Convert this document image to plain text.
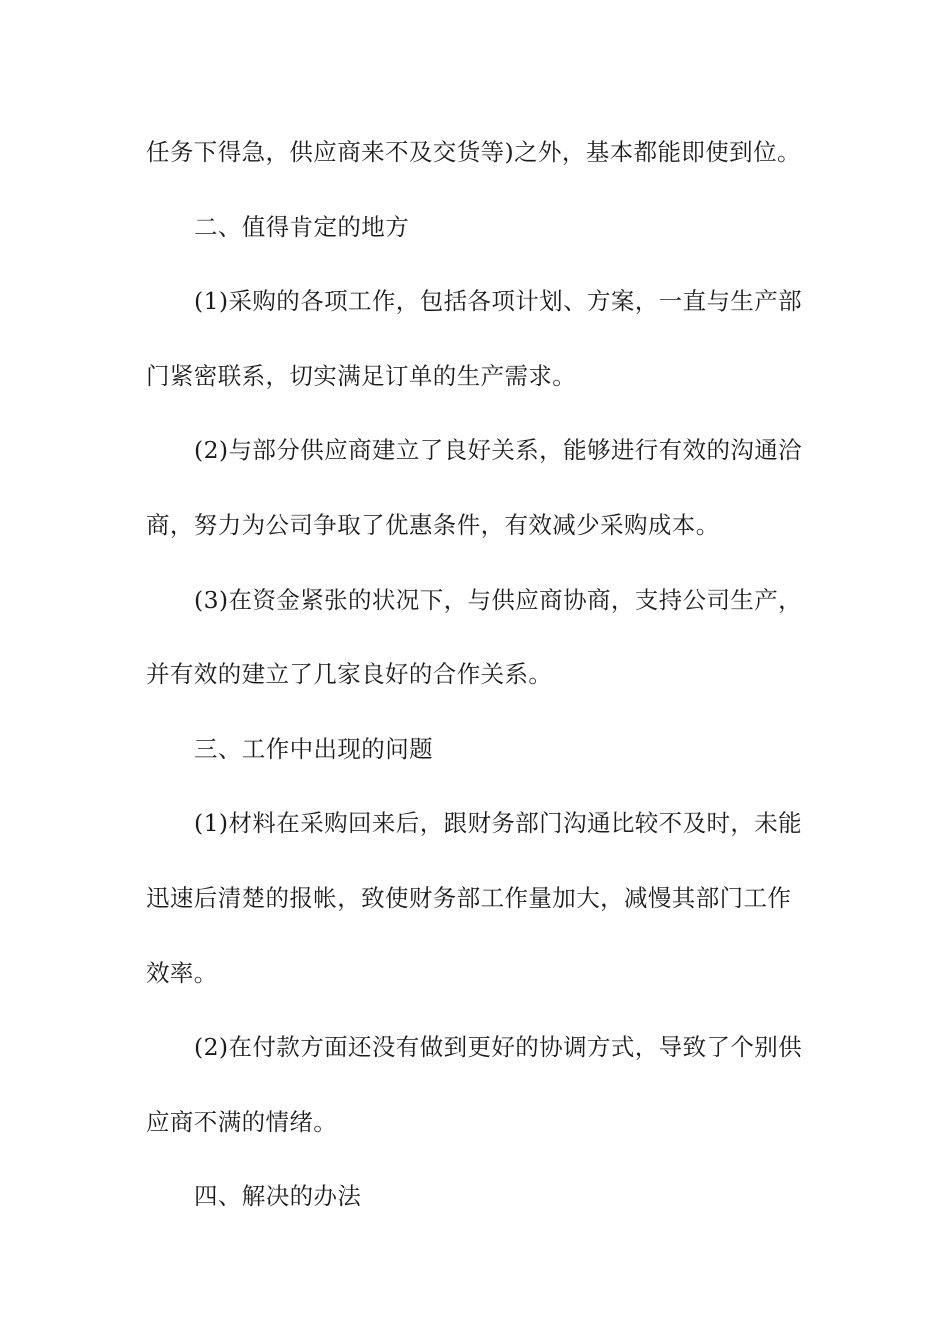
任务下得急，供应商来不及交货等)之外，基本都能即使到位。
二、值得肯定的地方
(1)采购的各项工作，包括各项计划、方案，一直与生产部
门紧密联系，切实满足订单的生产需求。
(2)与部分供应商建立了良好关系，能够进行有效的沟通洽
商，努力为公司争取了优惠条件，有效减少采购成本。
(3)在资金紧张的状况下，与供应商协商，支持公司生产，
并有效的建立了几家良好的合作关系。
三、工作中出现的问题
(1)材料在采购回来后，跟财务部门沟通比较不及时，未能
迅速后清楚的报帐，致使财务部工作量加大，减慢其部门工作
效率。
(2)在付款方面还没有做到更好的协调方式，导致了个别供
应商不满的情绪。
四、解决的办法
